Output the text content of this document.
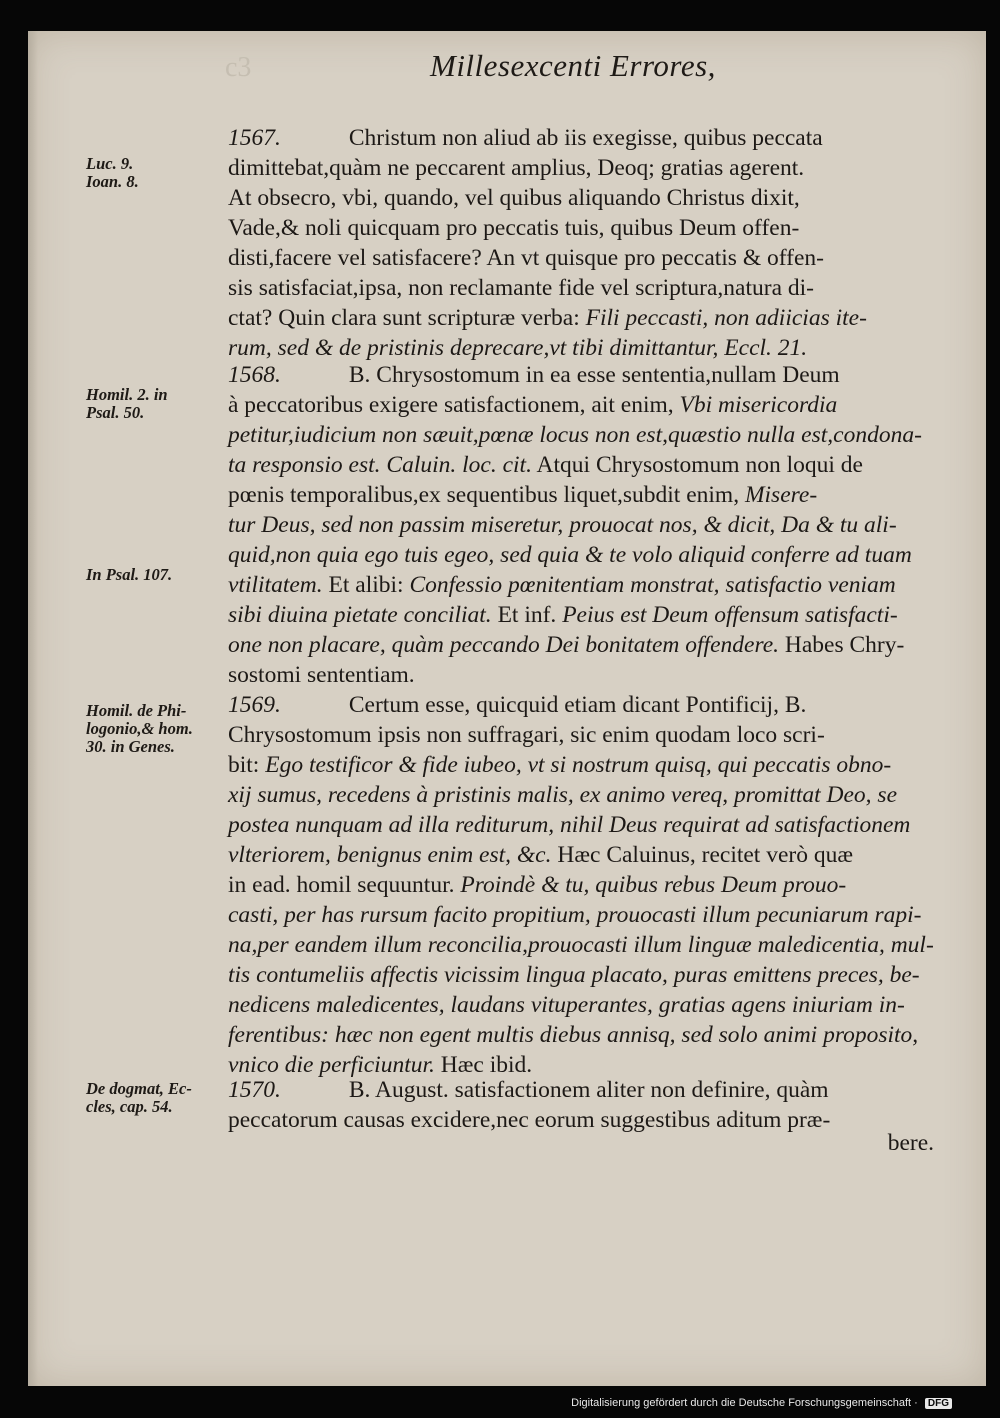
c3	Millesexcenti Errores,
Luc. 9.
Ioan. 8.
Homil. 2. in
Psal. 50.
In Psal. 107.
Homil. de Phi-
logonio,& hom.
30. in Genes.
De dogmat, Ec-
cles, cap. 54.
1567.	Christum non aliud ab iis exegisse, quibus peccata
dimittebat,quàm ne peccarent amplius, Deoq; gratias agerent.
At obsecro, vbi, quando, vel quibus aliquando Christus dixit,
Vade,& noli quicquam pro peccatis tuis, quibus Deum offen-
disti,facere vel satisfacere? An vt quisque pro peccatis & offen-
sis satisfaciat,ipsa, non reclamante fide vel scriptura,natura di-
ctat? Quin clara sunt scripturæ verba: Fili peccasti, non adiicias ite-
rum, sed & de pristinis deprecare,vt tibi dimittantur, Eccl. 21.
1568.	B. Chrysostomum in ea esse sententia,nullam Deum
à peccatoribus exigere satisfactionem, ait enim, Vbi misericordia
petitur,iudicium non sæuit,pœnæ locus non est,quæstio nulla est,condona-
ta responsio est. Caluin. loc. cit. Atqui Chrysostomum non loqui de
pœnis temporalibus,ex sequentibus liquet,subdit enim, Misere-
tur Deus, sed non passim miseretur, prouocat nos, & dicit, Da & tu ali-
quid,non quia ego tuis egeo, sed quia & te volo aliquid conferre ad tuam
vtilitatem. Et alibi: Confessio pœnitentiam monstrat, satisfactio veniam
sibi diuina pietate conciliat. Et inf. Peius est Deum offensum satisfacti-
one non placare, quàm peccando Dei bonitatem offendere. Habes Chry-
sostomi sententiam.
1569.	Certum esse, quicquid etiam dicant Pontificij, B.
Chrysostomum ipsis non suffragari, sic enim quodam loco scri-
bit: Ego testificor & fide iubeo, vt si nostrum quisq, qui peccatis obno-
xij sumus, recedens à pristinis malis, ex animo vereq, promittat Deo, se
postea nunquam ad illa rediturum, nihil Deus requirat ad satisfactionem
vlteriorem, benignus enim est, &c. Hæc Caluinus, recitet verò quæ
in ead. homil sequuntur. Proindè & tu, quibus rebus Deum prouo-
casti, per has rursum facito propitium, prouocasti illum pecuniarum rapi-
na,per eandem illum reconcilia,prouocasti illum linguæ maledicentia, mul-
tis contumeliis affectis vicissim lingua placato, puras emittens preces, be-
nedicens maledicentes, laudans vituperantes, gratias agens iniuriam in-
ferentibus: hæc non egent multis diebus annisq, sed solo animi proposito,
vnico die perficiuntur. Hæc ibid.
1570.	B. August. satisfactionem aliter non definire, quàm
peccatorum causas excidere,nec eorum suggestibus aditum præ-
bere.
Digitalisierung gefördert durch die Deutsche Forschungsgemeinschaft · DFG
